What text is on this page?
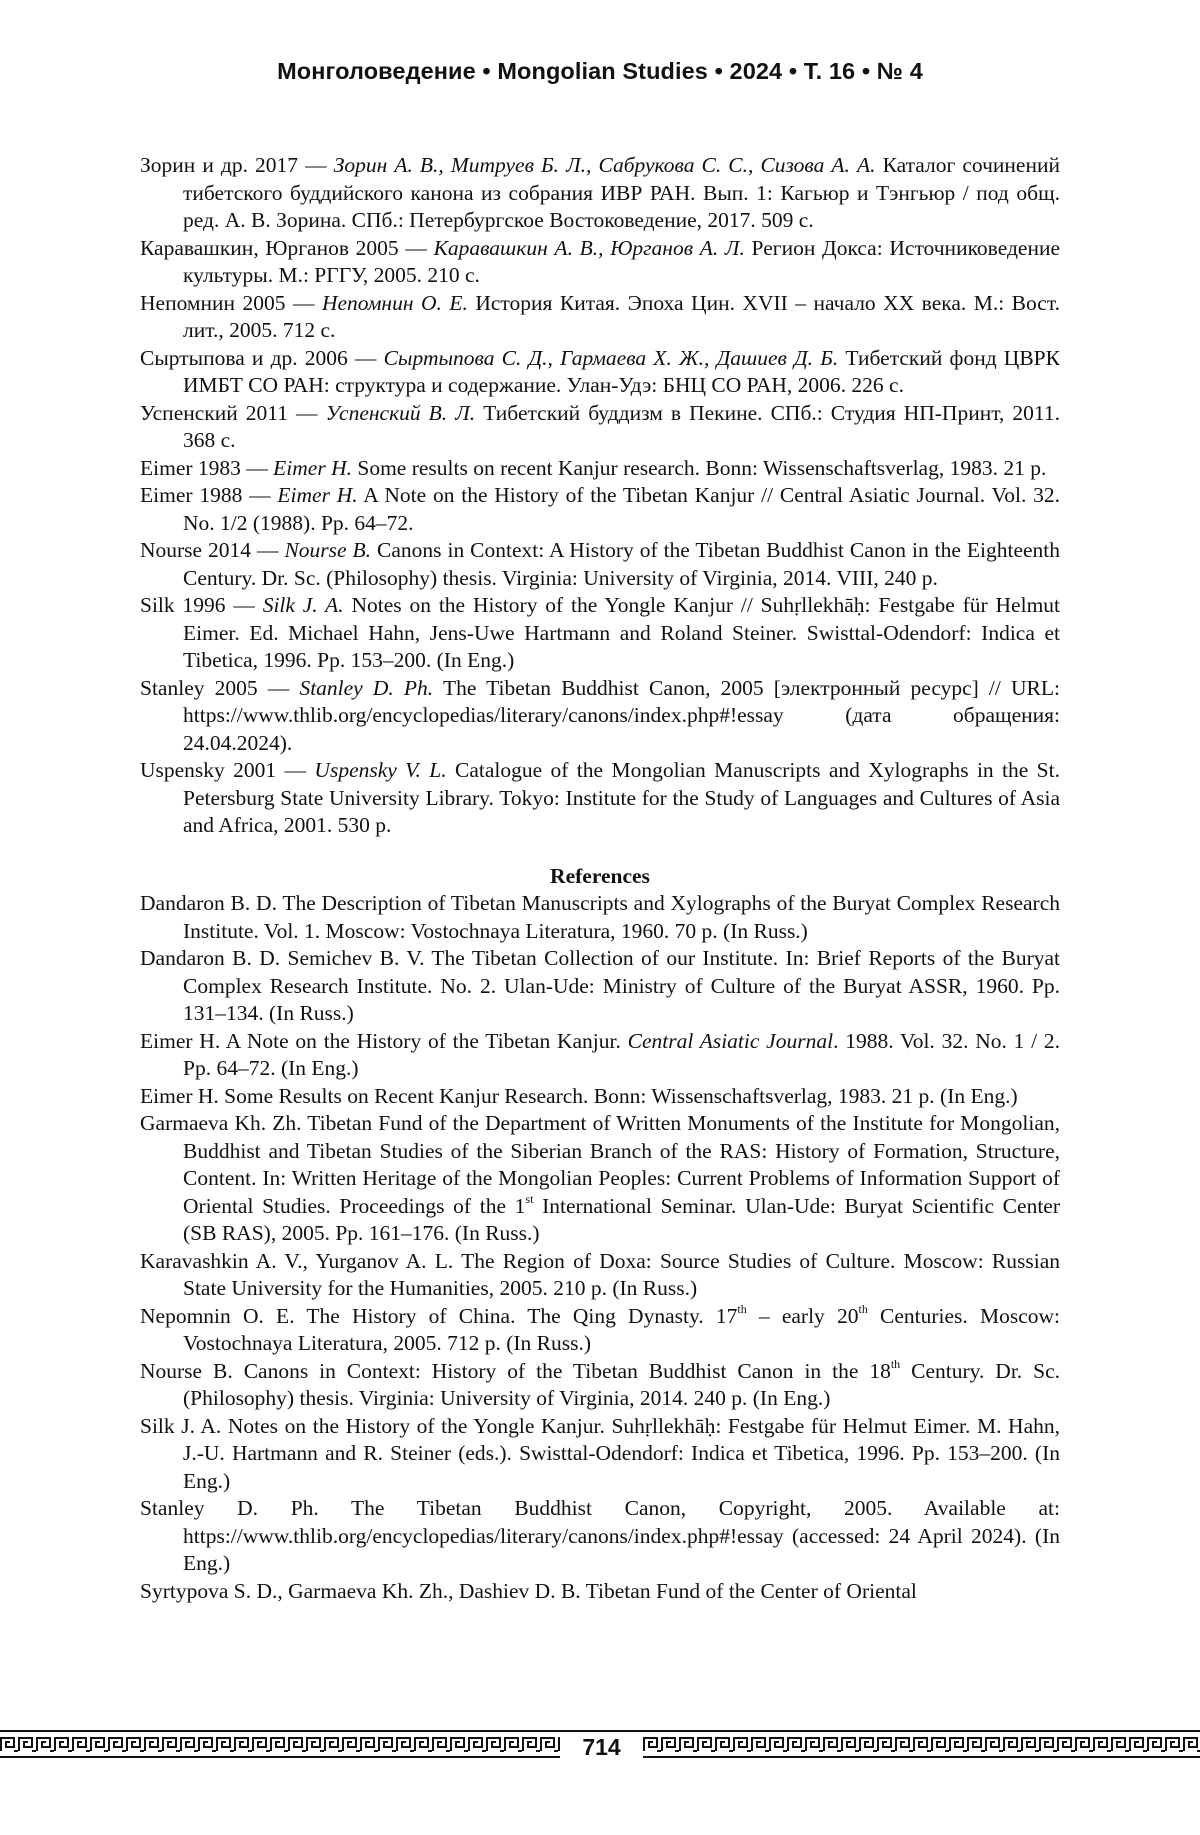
Монголоведение • Mongolian Studies • 2024 • Т. 16 • № 4

Зорин и др. 2017 — Зорин А. В., Митруев Б. Л., Сабрукова С. С., Сизова А. А. Каталог сочинений тибетского буддийского канона из собрания ИВР РАН. Вып. 1: Кагьюр и Тэнгьюр / под общ. ред. А. В. Зорина. СПб.: Петербургское Востоковедение, 2017. 509 с.

Каравашкин, Юрганов 2005 — Каравашкин А. В., Юрганов А. Л. Регион Докса: Источниковедение культуры. М.: РГГУ, 2005. 210 с.

Непомнин 2005 — Непомнин О. Е. История Китая. Эпоха Цин. XVII – начало XX века. М.: Вост. лит., 2005. 712 с.

Сыртыпова и др. 2006 — Сыртыпова С. Д., Гармаева Х. Ж., Дашиев Д. Б. Тибетский фонд ЦВРК ИМБТ СО РАН: структура и содержание. Улан-Удэ: БНЦ СО РАН, 2006. 226 с.

Успенский 2011 — Успенский В. Л. Тибетский буддизм в Пекине. СПб.: Студия НП-Принт, 2011. 368 с.

Eimer 1983 — Eimer H. Some results on recent Kanjur research. Bonn: Wissenschaftsverlag, 1983. 21 p.

Eimer 1988 — Eimer H. A Note on the History of the Tibetan Kanjur // Central Asiatic Journal. Vol. 32. No. 1/2 (1988). Pp. 64–72.

Nourse 2014 — Nourse B. Canons in Context: A History of the Tibetan Buddhist Canon in the Eighteenth Century. Dr. Sc. (Philosophy) thesis. Virginia: University of Virginia, 2014. VIII, 240 p.

Silk 1996 — Silk J. A. Notes on the History of the Yongle Kanjur // Suhṛllekhāḥ: Festgabe für Helmut Eimer. Ed. Michael Hahn, Jens-Uwe Hartmann and Roland Steiner. Swisttal-Odendorf: Indica et Tibetica, 1996. Pp. 153–200. (In Eng.)

Stanley 2005 — Stanley D. Ph. The Tibetan Buddhist Canon, 2005 [электронный ресурс] // URL: https://www.thlib.org/encyclopedias/literary/canons/index.php#!essay (дата обращения: 24.04.2024).

Uspensky 2001 — Uspensky V. L. Catalogue of the Mongolian Manuscripts and Xylographs in the St. Petersburg State University Library. Tokyo: Institute for the Study of Languages and Cultures of Asia and Africa, 2001. 530 p.

References

Dandaron B. D. The Description of Tibetan Manuscripts and Xylographs of the Buryat Complex Research Institute. Vol. 1. Moscow: Vostochnaya Literatura, 1960. 70 p. (In Russ.)

Dandaron B. D. Semichev B. V. The Tibetan Collection of our Institute. In: Brief Reports of the Buryat Complex Research Institute. No. 2. Ulan-Ude: Ministry of Culture of the Buryat ASSR, 1960. Pp. 131–134. (In Russ.)

Eimer H. A Note on the History of the Tibetan Kanjur. Central Asiatic Journal. 1988. Vol. 32. No. 1 / 2. Pp. 64–72. (In Eng.)

Eimer H. Some Results on Recent Kanjur Research. Bonn: Wissenschaftsverlag, 1983. 21 p. (In Eng.)

Garmaeva Kh. Zh. Tibetan Fund of the Department of Written Monuments of the Institute for Mongolian, Buddhist and Tibetan Studies of the Siberian Branch of the RAS: History of Formation, Structure, Content. In: Written Heritage of the Mongolian Peoples: Current Problems of Information Support of Oriental Studies. Proceedings of the 1st International Seminar. Ulan-Ude: Buryat Scientific Center (SB RAS), 2005. Pp. 161–176. (In Russ.)

Karavashkin A. V., Yurganov A. L. The Region of Doxa: Source Studies of Culture. Moscow: Russian State University for the Humanities, 2005. 210 p. (In Russ.)

Nepomnin O. E. The History of China. The Qing Dynasty. 17th – early 20th Centuries. Moscow: Vostochnaya Literatura, 2005. 712 p. (In Russ.)

Nourse B. Canons in Context: History of the Tibetan Buddhist Canon in the 18th Century. Dr. Sc. (Philosophy) thesis. Virginia: University of Virginia, 2014. 240 p. (In Eng.)

Silk J. A. Notes on the History of the Yongle Kanjur. Suhṛllekhāḥ: Festgabe für Helmut Eimer. M. Hahn, J.-U. Hartmann and R. Steiner (eds.). Swisttal-Odendorf: Indica et Tibetica, 1996. Pp. 153–200. (In Eng.)

Stanley D. Ph. The Tibetan Buddhist Canon, Copyright, 2005. Available at: https://www.thlib.org/encyclopedias/literary/canons/index.php#!essay (accessed: 24 April 2024). (In Eng.)

Syrtypova S. D., Garmaeva Kh. Zh., Dashiev D. B. Tibetan Fund of the Center of Oriental

714
